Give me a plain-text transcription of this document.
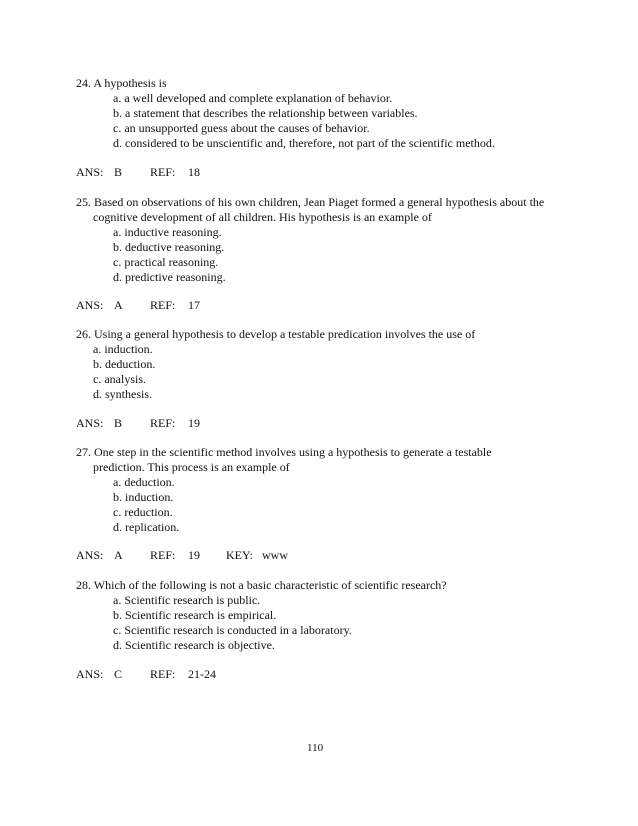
24. A hypothesis is
a. a well developed and complete explanation of behavior.
b. a statement that describes the relationship between variables.
c. an unsupported guess about the causes of behavior.
d. considered to be unscientific and, therefore, not part of the scientific method.
ANS: B REF: 18
25. Based on observations of his own children, Jean Piaget formed a general hypothesis about the
cognitive development of all children. His hypothesis is an example of
a. inductive reasoning.
b. deductive reasoning.
c. practical reasoning.
d. predictive reasoning.
ANS: A REF: 17
26. Using a general hypothesis to develop a testable predication involves the use of
a. induction.
b. deduction.
c. analysis.
d. synthesis.
ANS: B REF: 19
27. One step in the scientific method involves using a hypothesis to generate a testable
prediction. This process is an example of
a. deduction.
b. induction.
c. reduction.
d. replication.
ANS: A REF: 19 KEY: www
28. Which of the following is not a basic characteristic of scientific research?
a. Scientific research is public.
b. Scientific research is empirical.
c. Scientific research is conducted in a laboratory.
d. Scientific research is objective.
ANS: C REF: 21-24
110
